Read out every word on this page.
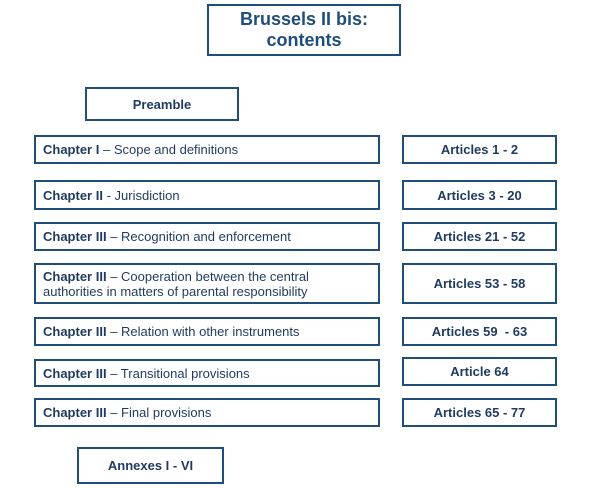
Brussels II bis:
contents
Preamble
Chapter I – Scope and definitions	Articles 1 - 2
Chapter II - Jurisdiction	Articles 3 - 20
Chapter III – Recognition and enforcement	Articles 21 - 52
Chapter III – Cooperation between the central authorities in matters of parental responsibility	Articles 53 - 58
Chapter III – Relation with other instruments	Articles 59  - 63
Chapter III – Transitional provisions	Article 64
Chapter III – Final provisions	Articles 65 - 77
Annexes I - VI
